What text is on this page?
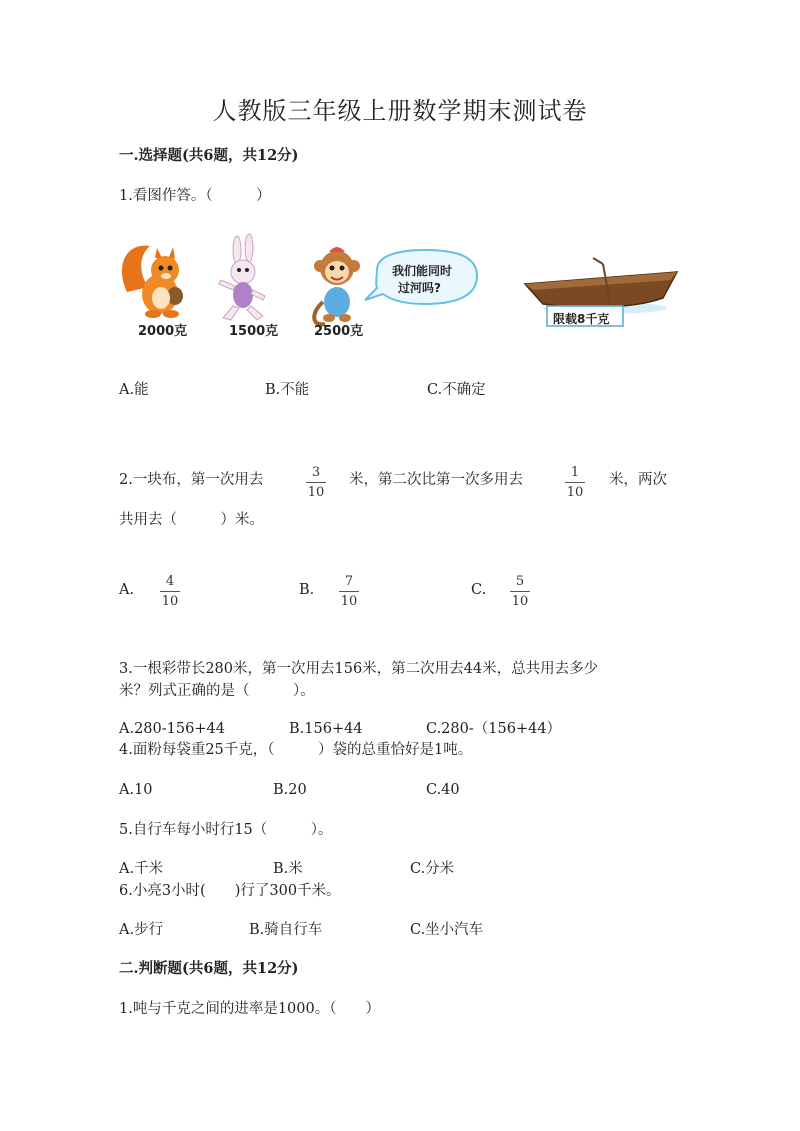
人教版三年级上册数学期末测试卷
一.选择题(共6题，共12分)
1.看图作答。（　　　）
2000克	1500克	2500克
我们能同时
过河吗?
限载8千克
A.能	B.不能	C.不确定
2.一块布，第一次用去	3
10
米，第二次比第一次多用去	1
10
米，两次
共用去（　　　）米。
A.
4
10
B.
7
10
C.
5
10
3.一根彩带长280米，第一次用去156米，第二次用去44米，总共用去多少
米？列式正确的是（　　　）。
A.280-156+44	B.156+44	C.280-（156+44）
4.面粉每袋重25千克，（　　　）袋的总重恰好是1吨。
A.10	B.20	C.40
5.自行车每小时行15（　　　）。
A.千米	B.米	C.分米
6.小亮3小时(　　)行了300千米。
A.步行	B.骑自行车	C.坐小汽车
二.判断题(共6题，共12分)
1.吨与千克之间的进率是1000。（　　）
